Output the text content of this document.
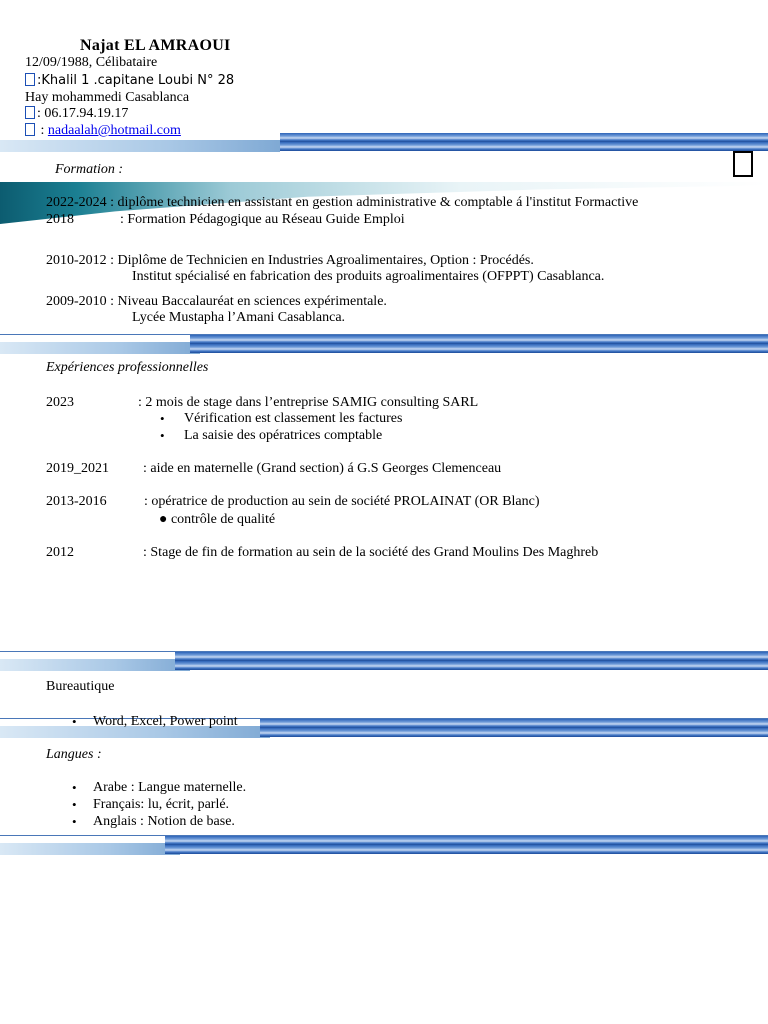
Najat EL AMRAOUI
12/09/1988, Célibataire
:Khalil 1 .capitane Loubi N° 28
Hay mohammedi Casablanca
: 06.17.94.19.17
: nadaalah@hotmail.com
Formation :
2022-2024 : diplôme technicien en assistant en gestion administrative & comptable á l'institut Formactive
2018	: Formation Pédagogique au Réseau Guide Emploi
2010-2012 : Diplôme de Technicien en Industries Agroalimentaires, Option : Procédés.
Institut spécialisé en fabrication des produits agroalimentaires (OFPPT) Casablanca.
2009-2010 : Niveau Baccalauréat en sciences expérimentale.
Lycée Mustapha l’Amani Casablanca.
Expériences professionnelles
2023	: 2 mois de stage dans l’entreprise SAMIG consulting SARL
• Vérification est classement les factures
• La saisie des opératrices comptable
2019_2021 : aide en maternelle (Grand section) á G.S Georges Clemenceau
2013-2016	: opératrice de production au sein de société PROLAINAT (OR Blanc)
● contrôle de qualité
2012	: Stage de fin de formation au sein de la société des Grand Moulins Des Maghreb
Bureautique
• Word, Excel, Power point
Langues :
• Arabe : Langue maternelle.
• Français: lu, écrit, parlé.
• Anglais : Notion de base.
